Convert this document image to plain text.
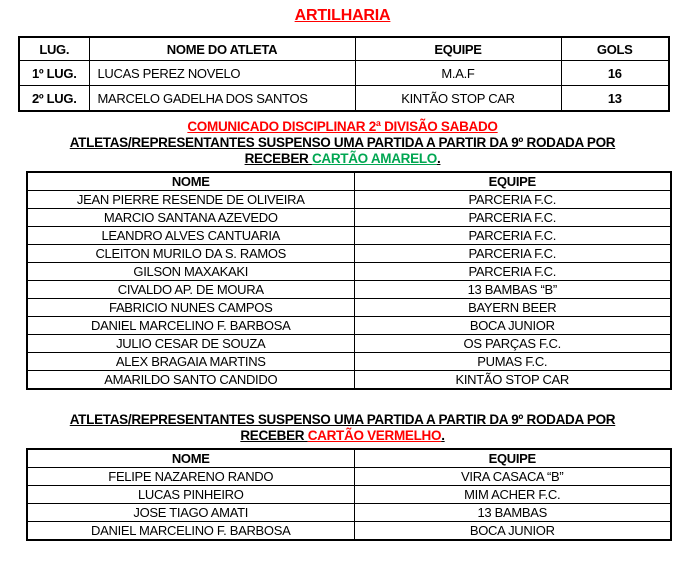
ARTILHARIA
LUG.	NOME DO ATLETA	EQUIPE	GOLS
1º LUG.	LUCAS PEREZ NOVELO	M.A.F	16
2º LUG.	MARCELO GADELHA DOS SANTOS	KINTÃO STOP CAR	13
COMUNICADO DISCIPLINAR 2ª DIVISÃO SABADO
ATLETAS/REPRESENTANTES SUSPENSO UMA PARTIDA A PARTIR DA 9º RODADA POR
RECEBER CARTÃO AMARELO.
NOME	EQUIPE
JEAN PIERRE RESENDE DE OLIVEIRA	PARCERIA F.C.
MARCIO SANTANA AZEVEDO	PARCERIA F.C.
LEANDRO ALVES CANTUARIA	PARCERIA F.C.
CLEITON MURILO DA S. RAMOS	PARCERIA F.C.
GILSON MAXAKAKI	PARCERIA F.C.
CIVALDO AP. DE MOURA	13 BAMBAS “B”
FABRICIO NUNES CAMPOS	BAYERN BEER
DANIEL MARCELINO F. BARBOSA	BOCA JUNIOR
JULIO CESAR DE SOUZA	OS PARÇAS F.C.
ALEX BRAGAIA MARTINS	PUMAS F.C.
AMARILDO SANTO CANDIDO	KINTÃO STOP CAR
ATLETAS/REPRESENTANTES SUSPENSO UMA PARTIDA A PARTIR DA 9º RODADA POR
RECEBER CARTÃO VERMELHO.
NOME	EQUIPE
FELIPE NAZARENO RANDO	VIRA CASACA “B”
LUCAS PINHEIRO	MIM ACHER F.C.
JOSE TIAGO AMATI	13 BAMBAS
DANIEL MARCELINO F. BARBOSA	BOCA JUNIOR
